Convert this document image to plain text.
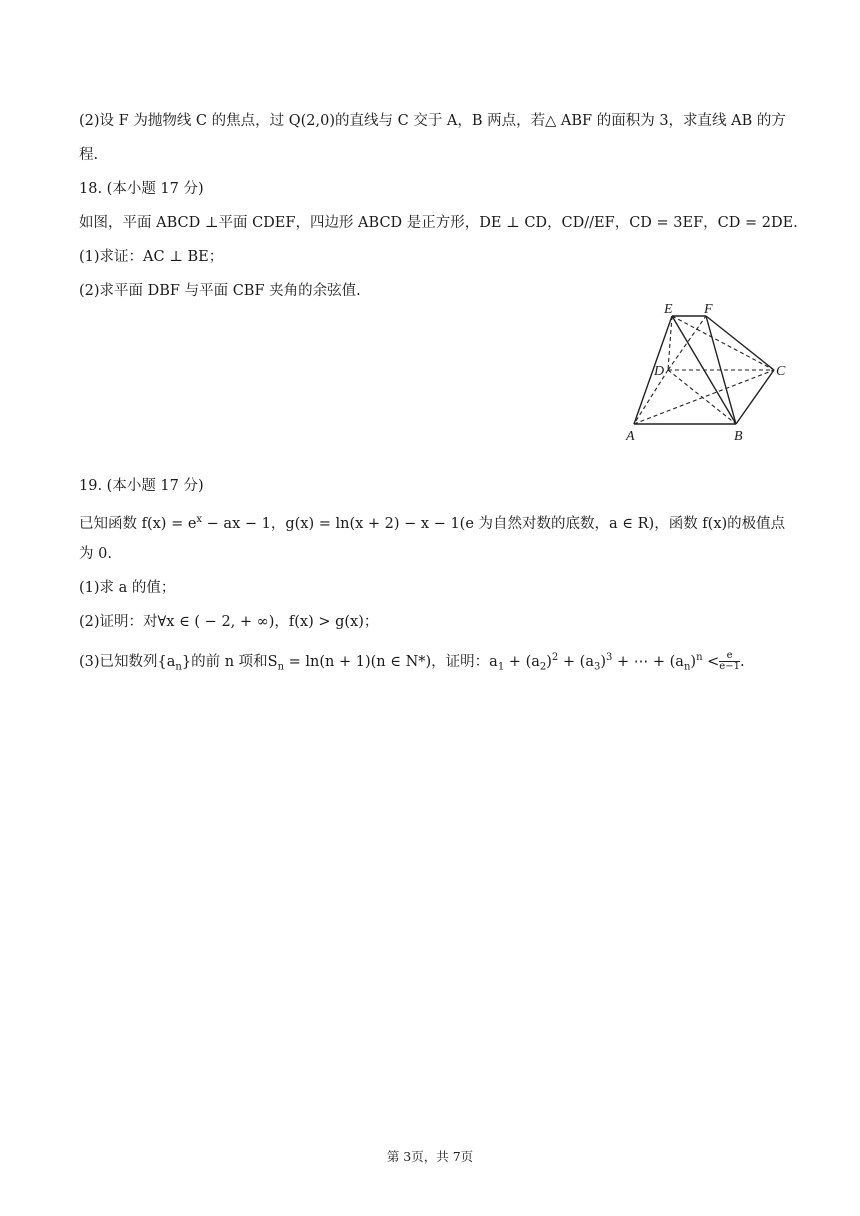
(2)设 F 为抛物线 C 的焦点，过 Q(2,0)的直线与 C 交于 A，B 两点，若△ ABF 的面积为 3，求直线 AB 的方
程.
18. (本小题 17 分)
如图，平面 ABCD ⊥平面 CDEF，四边形 ABCD 是正方形，DE ⊥ CD，CD//EF，CD = 3EF，CD = 2DE.
(1)求证：AC ⊥ BE；
(2)求平面 DBF 与平面 CBF 夹角的余弦值.
E F
D	C
A	B
19. (本小题 17 分)
已知函数 $f(x) = e^x$ − ax − 1，g(x) = ln(x + 2) − x − 1(e 为自然对数的底数，a ∈ R)，函数 f(x)的极值点
为 0.
(1)求 a 的值；
(2)证明：对∀x ∈ ( − 2, + ∞)，f(x) > g(x)；
(3)已知数列$\{a_n\}$的前 n 项和$S_n = \ln(n + 1)(n$ ∈ N*)，证明：$a_1 + (a_2)^2 + (a_3)^3$ + ⋯ + $(a_n)^n < \frac{e}{e-1}$ .
第 3页，共 7页
